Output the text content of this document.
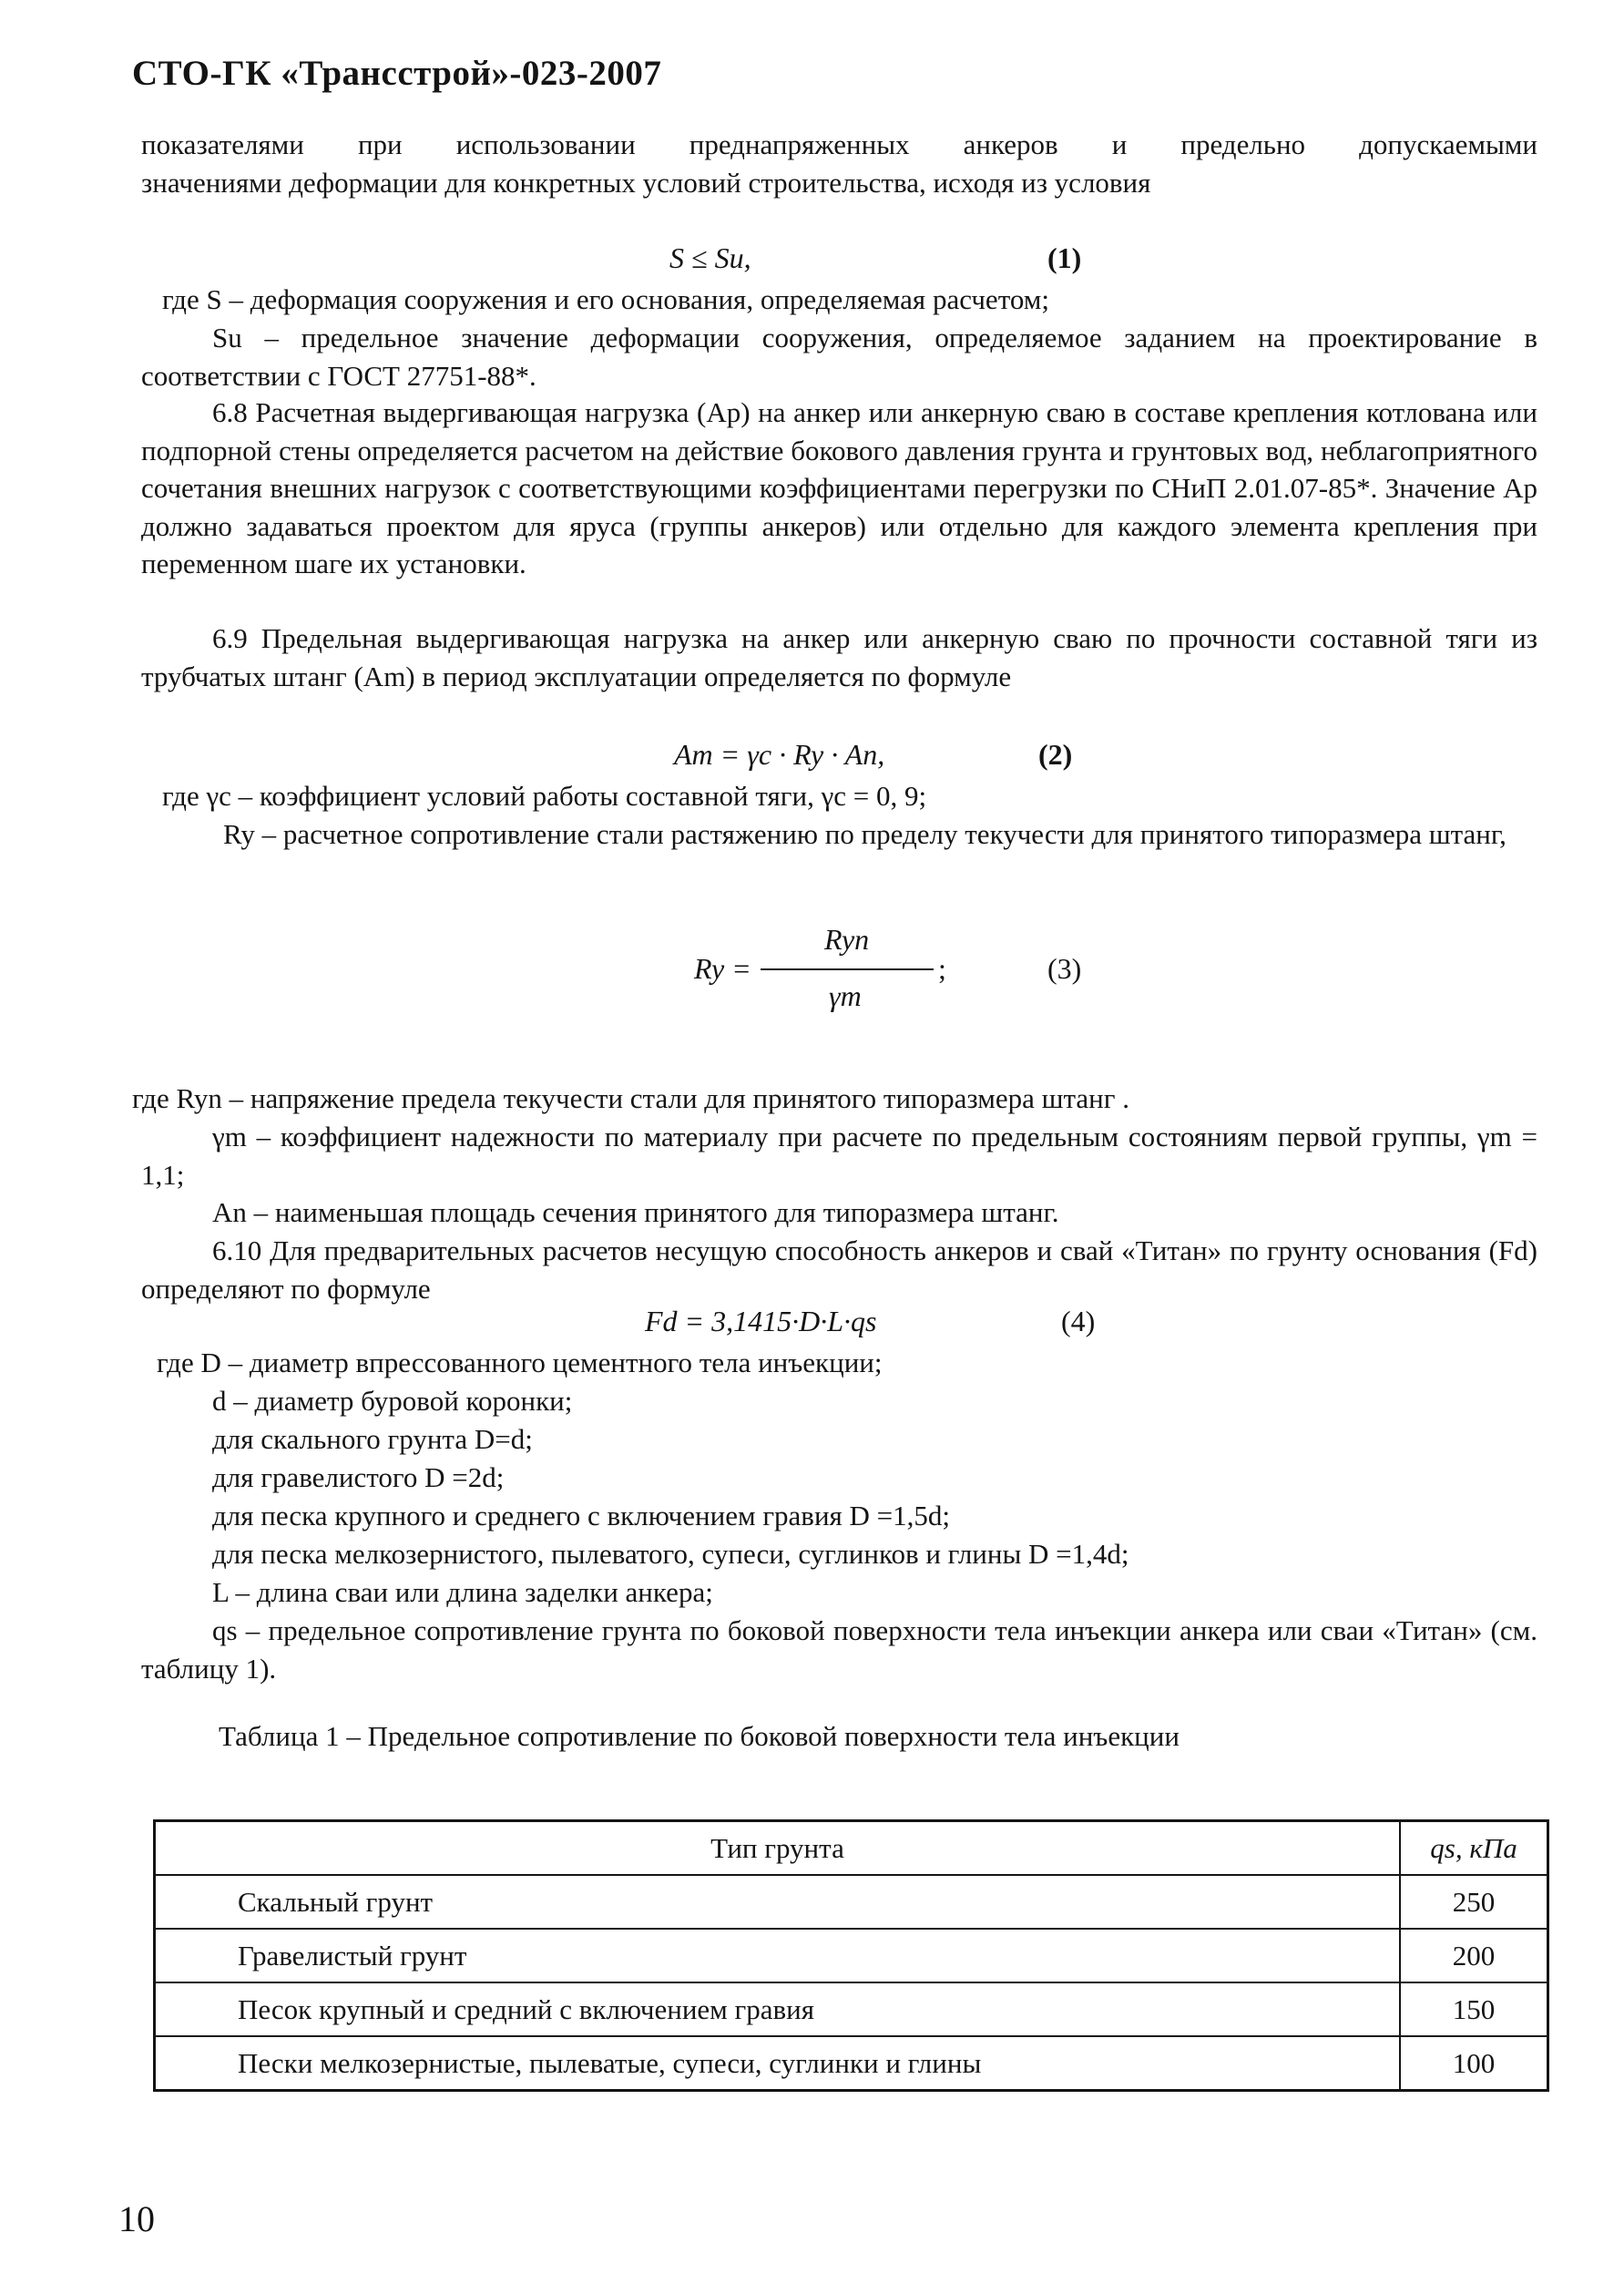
СТО-ГК «Трансстрой»-023-2007
показателями при использовании преднапряженных анкеров и предельно допускаемыми
значениями деформации для конкретных условий строительства, исходя из условия
S ≤ Su,	(1)
где S – деформация сооружения и его основания, определяемая расчетом;
Su – предельное значение деформации сооружения, определяемое заданием на проектирование в соответствии с ГОСТ 27751-88*.
6.8 Расчетная выдергивающая нагрузка (Ap) на анкер или анкерную сваю в составе крепления котлована или подпорной стены определяется расчетом на действие бокового давления грунта и грунтовых вод, неблагоприятного сочетания внешних нагрузок с соответствующими коэффициентами перегрузки по СНиП 2.01.07-85*. Значение Ap должно задаваться проектом для яруса (группы анкеров) или отдельно для каждого элемента крепления при переменном шаге их установки.
6.9 Предельная выдергивающая нагрузка на анкер или анкерную сваю по прочности составной тяги из трубчатых штанг (Am) в период эксплуатации определяется по формуле
Am = γc · Ry · An,	(2)
где γc – коэффициент условий работы составной тяги, γc = 0, 9;
Ry – расчетное сопротивление стали растяжению по пределу текучести для принятого типоразмера штанг,
Ry =
Ryn
γm
;	(3)
где Ryn – напряжение предела текучести стали для принятого типоразмера штанг .
γm – коэффициент надежности по материалу при расчете по предельным состояниям первой группы, γm = 1,1;
An – наименьшая площадь сечения принятого для типоразмера штанг.
6.10 Для предварительных расчетов несущую способность анкеров и свай «Титан» по грунту основания (Fd) определяют по формуле
Fd = 3,1415·D·L·qs	(4)
где D – диаметр впрессованного цементного тела инъекции;
d – диаметр буровой коронки;
для скального грунта D=d;
для гравелистого D =2d;
для песка крупного и среднего с включением гравия D =1,5d;
для песка мелкозернистого, пылеватого, супеси, суглинков и глины D =1,4d;
L – длина сваи или длина заделки анкера;
qs – предельное сопротивление грунта по боковой поверхности тела инъекции анкера или сваи «Титан» (см. таблицу 1).
Таблица 1 – Предельное сопротивление по боковой поверхности тела инъекции
Тип грунта	qs, кПа
Скальный грунт	250
Гравелистый грунт	200
Песок крупный и средний с включением гравия	150
Пески мелкозернистые, пылеватые, супеси, суглинки и глины	100
10
